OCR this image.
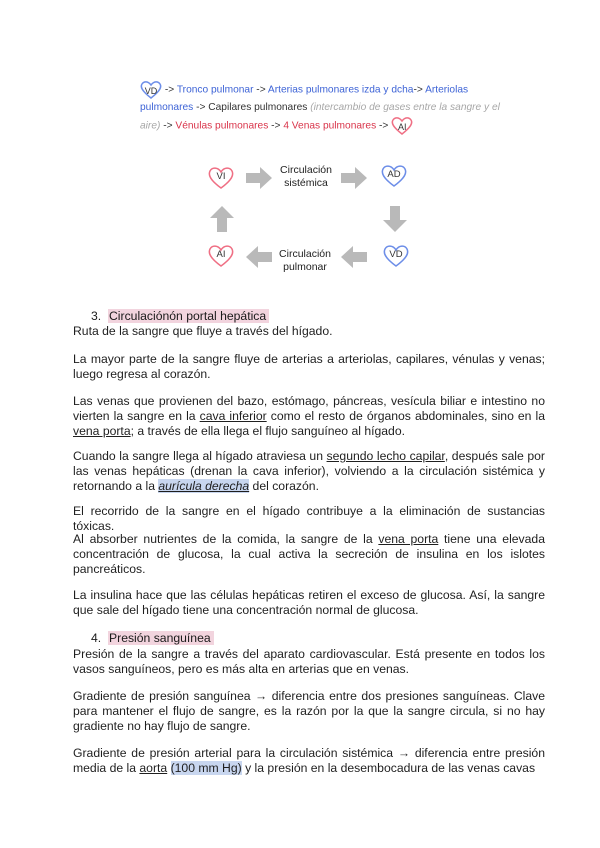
VD -> Tronco pulmonar -> Arterias pulmonares izda y dcha-> Arteriolas pulmonares -> Capilares pulmonares (intercambio de gases entre la sangre y el aire) -> Vénulas pulmonares -> 4 Venas pulmonares -> AI
VI
Circulación
sistémica
AD
AI	Circulación
pulmonar
VD
3. Circulaciónón portal hepática
Ruta de la sangre que fluye a través del hígado.
La mayor parte de la sangre fluye de arterias a arteriolas, capilares, vénulas y venas; luego regresa al corazón.
Las venas que provienen del bazo, estómago, páncreas, vesícula biliar e intestino no vierten la sangre en la cava inferior como el resto de órganos abdominales, sino en la vena porta; a través de ella llega el flujo sanguíneo al hígado.
Cuando la sangre llega al hígado atraviesa un segundo lecho capilar, después sale por las venas hepáticas (drenan la cava inferior), volviendo a la circulación sistémica y retornando a la aurícula derecha del corazón.
El recorrido de la sangre en el hígado contribuye a la eliminación de sustancias tóxicas.
Al absorber nutrientes de la comida, la sangre de la vena porta tiene una elevada concentración de glucosa, la cual activa la secreción de insulina en los islotes pancreáticos.
La insulina hace que las células hepáticas retiren el exceso de glucosa. Así, la sangre que sale del hígado tiene una concentración normal de glucosa.
4. Presión sanguínea
Presión de la sangre a través del aparato cardiovascular. Está presente en todos los vasos sanguíneos, pero es más alta en arterias que en venas.
Gradiente de presión sanguínea → diferencia entre dos presiones sanguíneas. Clave para mantener el flujo de sangre, es la razón por la que la sangre circula, si no hay gradiente no hay flujo de sangre.
Gradiente de presión arterial para la circulación sistémica → diferencia entre presión media de la aorta (100 mm Hg) y la presión en la desembocadura de las venas cavas
